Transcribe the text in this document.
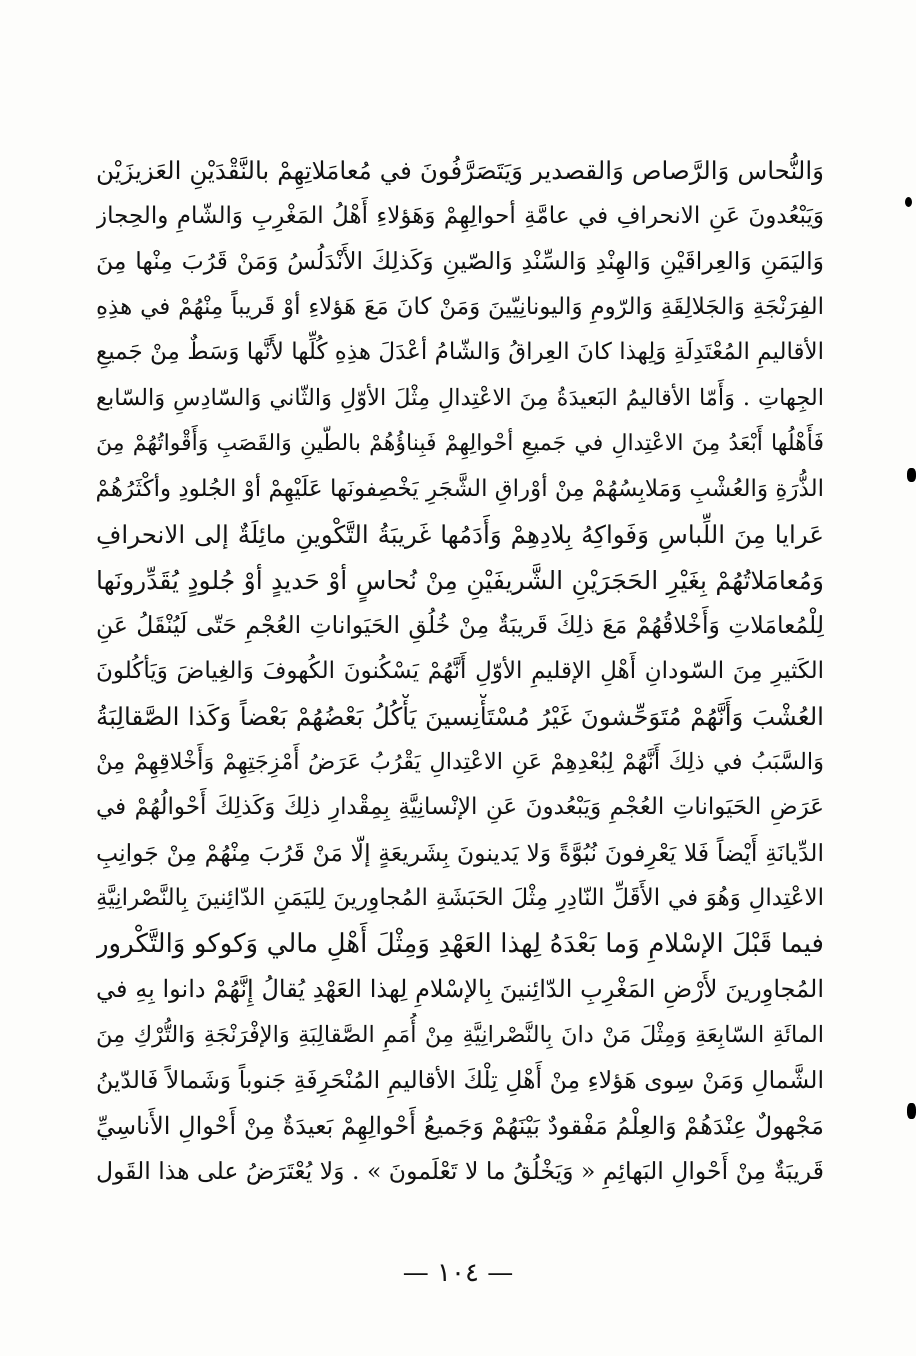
وَالنُّحاس وَالرَّصاص وَالقصدير وَيَتَصَرَّفُونَ في مُعامَلاتِهِمْ بالنَّقْدَيْنِ العَزيزَيْن
وَيَبْعُدونَ عَنِ الانحرافِ في عامَّةِ أحوالِهِمْ وَهَؤلاءِ أَهْلُ المَغْرِبِ وَالشّامِ والحِجاز
وَاليَمَنِ وَالعِراقَيْنِ وَالهِنْدِ وَالسِّنْدِ وَالصّينِ وَكَذلِكَ الأَنْدَلُسُ وَمَنْ قَرُبَ مِنْها مِنَ
الفِرَنْجَةِ وَالجَلالِقَةِ وَالرّومِ وَاليونانِيّينَ وَمَنْ كانَ مَعَ هَؤلاءِ أوْ قَريباً مِنْهُمْ في هذِهِ
الأقاليمِ المُعْتَدِلَةِ وَلِهذا كانَ العِراقُ وَالشّامُ أعْدَلَ هذِهِ كُلِّها لأَنَّها وَسَطٌ مِنْ جَميعِ
الجِهاتِ . وَأَمّا الأقاليمُ البَعيدَةُ مِنَ الاعْتِدالِ مِثْلَ الأوّلِ وَالثّاني وَالسّادِسِ وَالسّابع
فَأَهْلُها أَبْعَدُ مِنَ الاعْتِدالِ في جَميعِ أحْوالِهِمْ فَبِناؤُهُمْ بالطّينِ وَالقَصَبِ وَأَقْواتُهُمْ مِنَ
الذُّرَةِ وَالعُشْبِ وَمَلابِسُهُمْ مِنْ أوْراقِ الشَّجَرِ يَخْصِفونَها عَلَيْهِمْ أوْ الجُلودِ وأكْثَرُهُمْ
عَرايا مِنَ اللِّباسِ وَفَواكِهُ بِلادِهِمْ وَأَدَمُها غَريبَةُ التَّكْوينِ مائِلَةٌ إلى الانحرافِ
وَمُعامَلاتُهُمْ بِغَيْرِ الحَجَرَيْنِ الشَّريفَيْنِ مِنْ نُحاسٍ أوْ حَديدٍ أوْ جُلودٍ يُقَدِّرونَها
لِلْمُعامَلاتِ وَأَخْلاقُهُمْ مَعَ ذلِكَ قَريبَةٌ مِنْ خُلُقِ الحَيَواناتِ العُجْمِ حَتّى لَيُنْقَلُ عَنِ
الكَثيرِ مِنَ السّودانِ أَهْلِ الإقليمِ الأوّلِ أَنَّهُمْ يَسْكُنونَ الكُهوفَ وَالغِياضَ وَيَأكُلونَ
العُشْبَ وَأَنَّهُمْ مُتَوَحِّشونَ غَيْرُ مُسْتَأْنِسينَ يَأْكُلُ بَعْضُهُمْ بَعْضاً وَكَذا الصَّقالِبَةُ
وَالسَّبَبُ في ذلِكَ أَنَّهُمْ لِبُعْدِهِمْ عَنِ الاعْتِدالِ يَقْرُبُ عَرَضُ أَمْزِجَتِهِمْ وَأَخْلاقِهِمْ مِنْ
عَرَضِ الحَيَواناتِ العُجْمِ وَيَبْعُدونَ عَنِ الإنْسانِيَّةِ بِمِقْدارِ ذلِكَ وَكَذلِكَ أَحْوالُهُمْ في
الدِّيانَةِ أَيْضاً فَلا يَعْرِفونَ نُبُوَّةً وَلا يَدينونَ بِشَريعَةٍ إلّا مَنْ قَرُبَ مِنْهُمْ مِنْ جَوانِبِ
الاعْتِدالِ وَهُوَ في الأَقَلِّ النّادِرِ مِثْلَ الحَبَشَةِ المُجاوِرينَ لِليَمَنِ الدّائِنينَ بِالنَّصْرانِيَّةِ
فيما قَبْلَ الإسْلامِ وَما بَعْدَهُ لِهذا العَهْدِ وَمِثْلَ أَهْلِ مالي وَكوكو وَالتَّكْرور
المُجاوِرينَ لأَرْضِ المَغْرِبِ الدّائِنينَ بِالإسْلامِ لِهذا العَهْدِ يُقالُ إِنَّهُمْ دانوا بِهِ في
المائَةِ السّابِعَةِ وَمِثْلَ مَنْ دانَ بِالنَّصْرانِيَّةِ مِنْ أُمَمِ الصَّقالِبَةِ وَالإفْرَنْجَةِ وَالتُّرْكِ مِنَ
الشَّمالِ وَمَنْ سِوى هَؤلاءِ مِنْ أَهْلِ تِلْكَ الأقاليمِ المُنْحَرِفَةِ جَنوباً وَشَمالاً فَالدّينُ
مَجْهولٌ عِنْدَهُمْ وَالعِلْمُ مَفْقودٌ بَيْنَهُمْ وَجَميعُ أَحْوالِهِمْ بَعيدَةٌ مِنْ أَحْوالِ الأَناسِيِّ
قَريبَةٌ مِنْ أَحْوالِ البَهائِمِ « وَيَخْلُقُ ما لا تَعْلَمونَ » . وَلا يُعْتَرَضُ على هذا القَول
— ١٠٤ —
